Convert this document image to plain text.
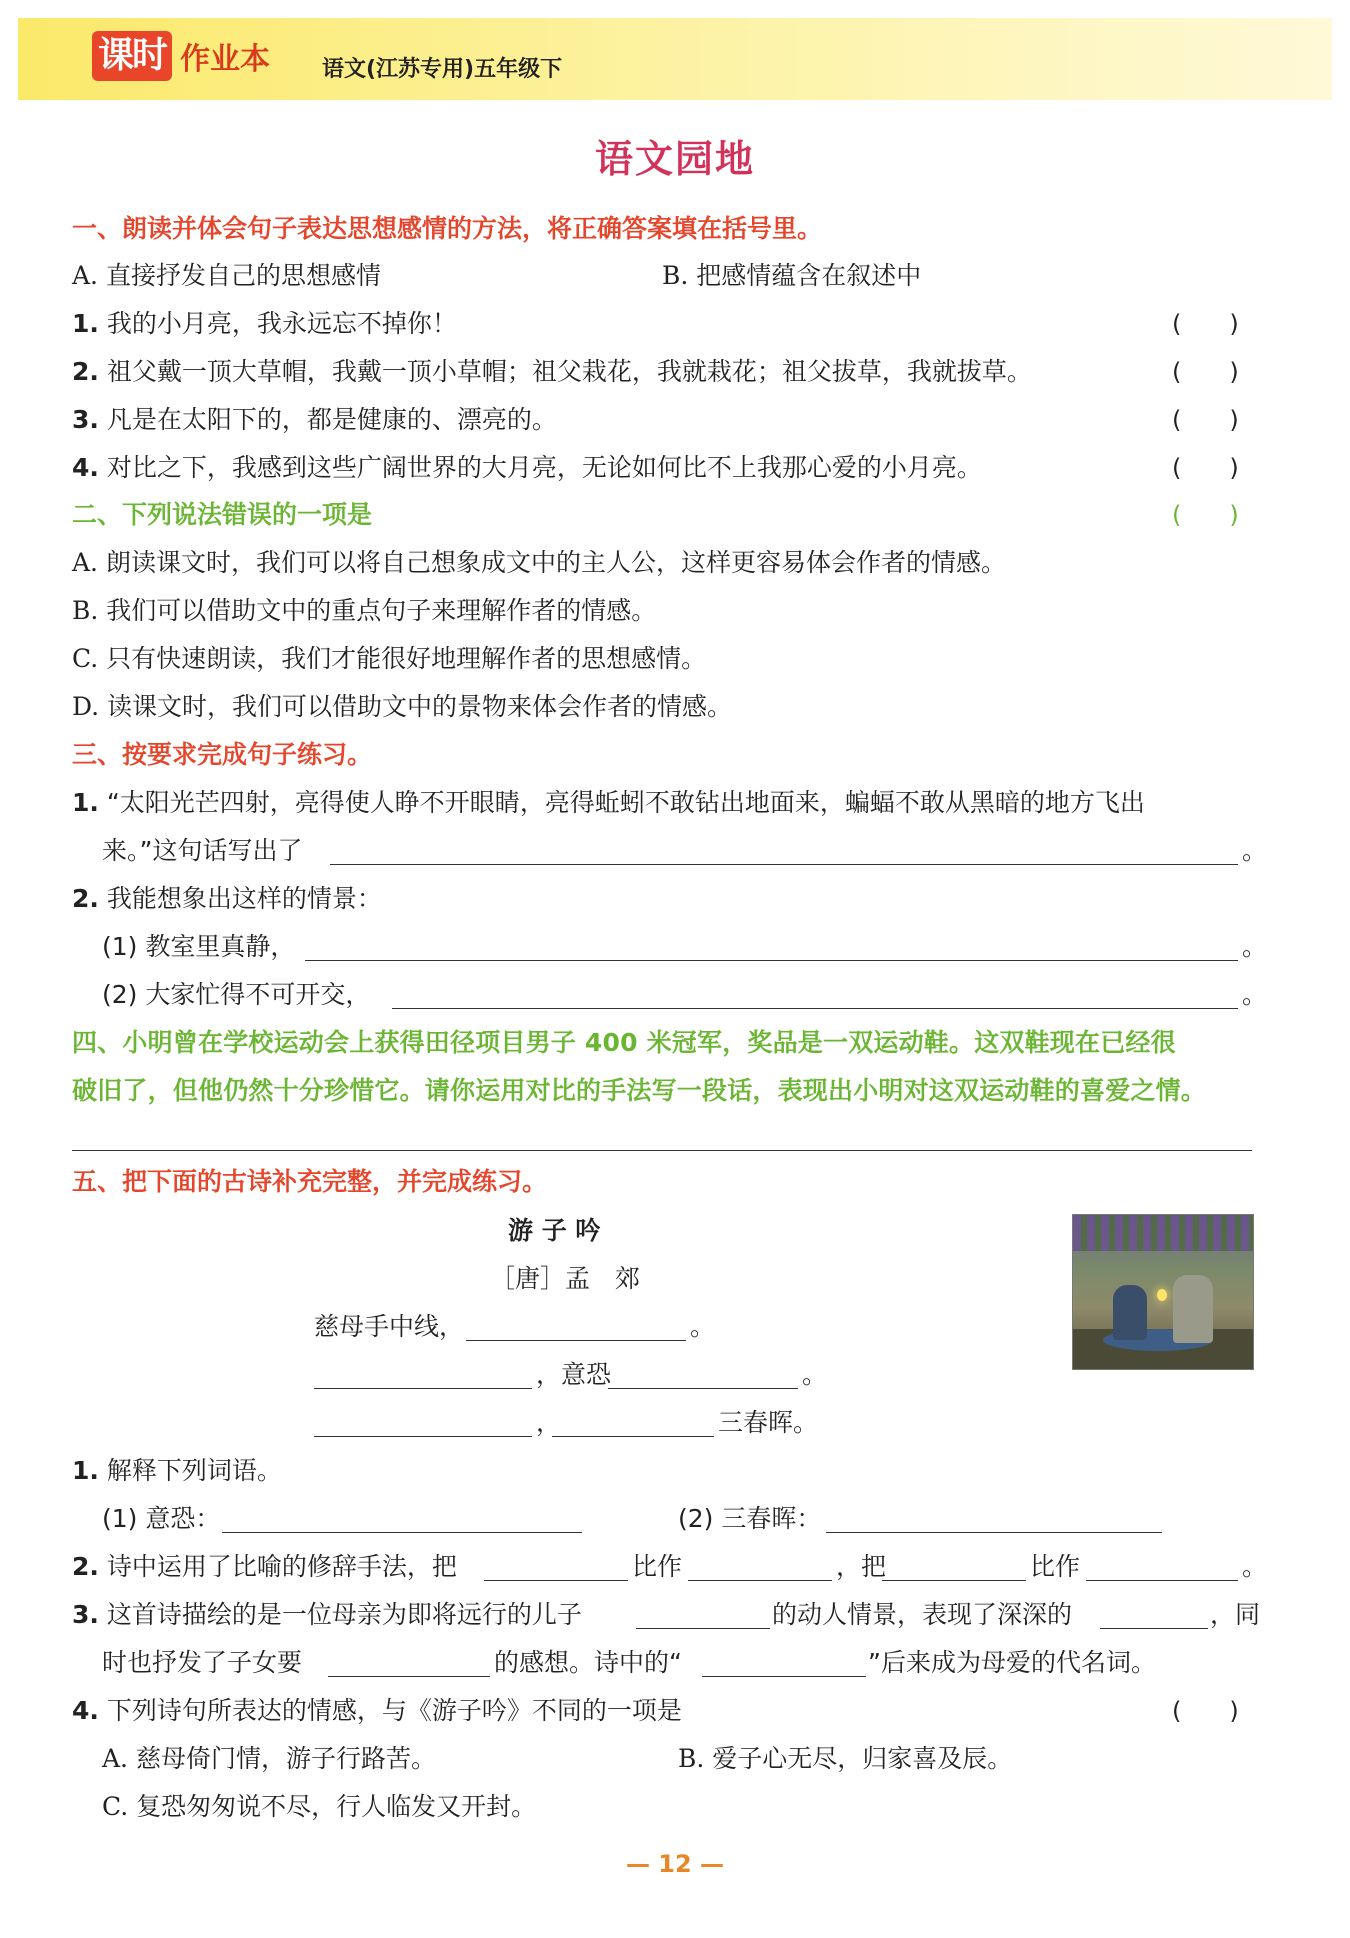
课时 作业本 语文(江苏专用)五年级下
语文园地
一、朗读并体会句子表达思想感情的方法，将正确答案填在括号里。
A. 直接抒发自己的思想感情	B. 把感情蕴含在叙述中
1. 我的小月亮，我永远忘不掉你！	(　　)
2. 祖父戴一顶大草帽，我戴一顶小草帽；祖父栽花，我就栽花；祖父拔草，我就拔草。	(　　)
3. 凡是在太阳下的，都是健康的、漂亮的。	(　　)
4. 对比之下，我感到这些广阔世界的大月亮，无论如何比不上我那心爱的小月亮。	(　　)
二、下列说法错误的一项是	(　　)
A. 朗读课文时，我们可以将自己想象成文中的主人公，这样更容易体会作者的情感。
B. 我们可以借助文中的重点句子来理解作者的情感。
C. 只有快速朗读，我们才能很好地理解作者的思想感情。
D. 读课文时，我们可以借助文中的景物来体会作者的情感。
三、按要求完成句子练习。
1. “太阳光芒四射，亮得使人睁不开眼睛，亮得蚯蚓不敢钻出地面来，蝙蝠不敢从黑暗的地方飞出
来。”这句话写出了	。
2. 我能想象出这样的情景：
(1) 教室里真静，	。
(2) 大家忙得不可开交，	。
四、小明曾在学校运动会上获得田径项目男子 400 米冠军，奖品是一双运动鞋。这双鞋现在已经很
破旧了，但他仍然十分珍惜它。请你运用对比的手法写一段话，表现出小明对这双运动鞋的喜爱之情。
五、把下面的古诗补充完整，并完成练习。
游 子 吟
［唐］孟　郊
慈母手中线，	。
，意恐	。
，	三春晖。
1. 解释下列词语。
(1) 意恐：	(2) 三春晖：
2. 诗中运用了比喻的修辞手法，把	比作	，把	比作	。
3. 这首诗描绘的是一位母亲为即将远行的儿子	的动人情景，表现了深深的	，同
时也抒发了子女要	的感想。诗中的“	”后来成为母爱的代名词。
4. 下列诗句所表达的情感，与《游子吟》不同的一项是	(　　)
A. 慈母倚门情，游子行路苦。	B. 爱子心无尽，归家喜及辰。
C. 复恐匆匆说不尽，行人临发又开封。
— 12 —
